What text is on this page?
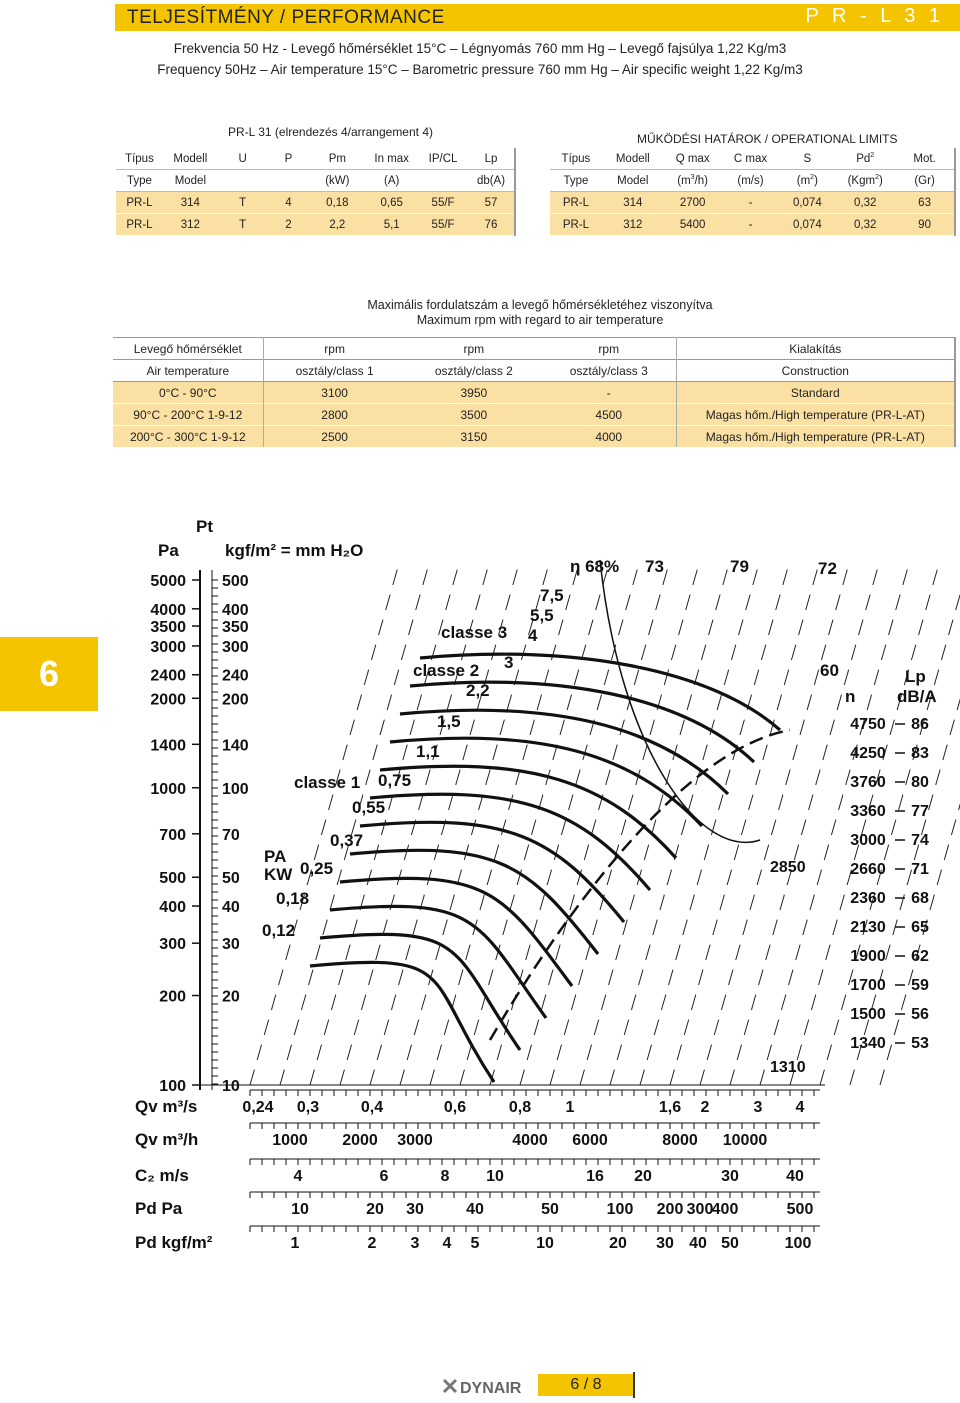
TELJESÍTMÉNY / PERFORMANCE	P R - L 3 1
Frekvencia 50 Hz - Levegő hőmérséklet 15°C – Légnyomás 760 mm Hg – Levegő fajsúlya 1,22 Kg/m3
Frequency 50Hz – Air temperature 15°C – Barometric pressure 760 mm Hg – Air specific weight 1,22 Kg/m3
PR-L 31 (elrendezés 4/arrangement 4)
Típus	Modell	U	P	Pm	In max	IP/CL	Lp
Type	Model			(kW)	(A)		db(A)
PR-L	314	T	4	0,18	0,65	55/F	57
PR-L	312	T	2	2,2	5,1	55/F	76
MŰKÖDÉSI HATÁROK / OPERATIONAL LIMITS
Típus	Modell	Q max	C max	S	Pd$^2$	Mot.
Type	Model	$(m^3/h)$	(m/s)	$(m^2)$	(Kgm$^2$)	(Gr)
PR-L	314	2700	-	0,074	0,32	63
PR-L	312	5400	-	0,074	0,32	90
Maximális fordulatszám a levegő hőmérsékletéhez viszonyítva
Maximum rpm with regard to air temperature
Levegő hőmérséklet	rpm	rpm	rpm	Kialakítás
Air temperature	osztály/class 1	osztály/class 2	osztály/class 3	Construction
0°C - 90°C	3100	3950	-	Standard
90°C - 200°C 1-9-12	2800	3500	4500	Magas hőm./High temperature (PR-L-AT)
200°C - 300°C 1-9-12	2500	3150	4000	Magas hőm./High temperature (PR-L-AT)
6
Pt
Pa	kgf/m² = mm H₂O
5000 500
4000 400
3500 350
3000 300
2400 240
2000 200
1400 140
1000 100
700 70
500 50
400 40
300 30
200 20
100 10
4750 86
4250 83
3760 80
3360 77
3000 74
2660 71
2360 68
2130 65
1900 62
1700 59
1500 56
1340 53
η 68% 73	79	72
60
n
Lp
dB/A
classe 1
classe 2
classe 3
PA
KW
0,12
0,18
0,25
0,37
0,55
0,75
1,1
1,5
2,2
3
4
5,5
7,5
2850
1310
Qv m³/s	0,24 0,3	0,4	0,6	0,8 1	1,6 2	3 4
Qv m³/h	1000 2000 3000	4000 6000	8000 10000
C₂ m/s	4	6	8 10	16 20	30	40
Pd Pa	10	20 30	40	50	100 200 300
400	500
Pd kgf/m²	1	2 3 4 5	10	20 30 40 50	100
DYNAIR	6 / 8
